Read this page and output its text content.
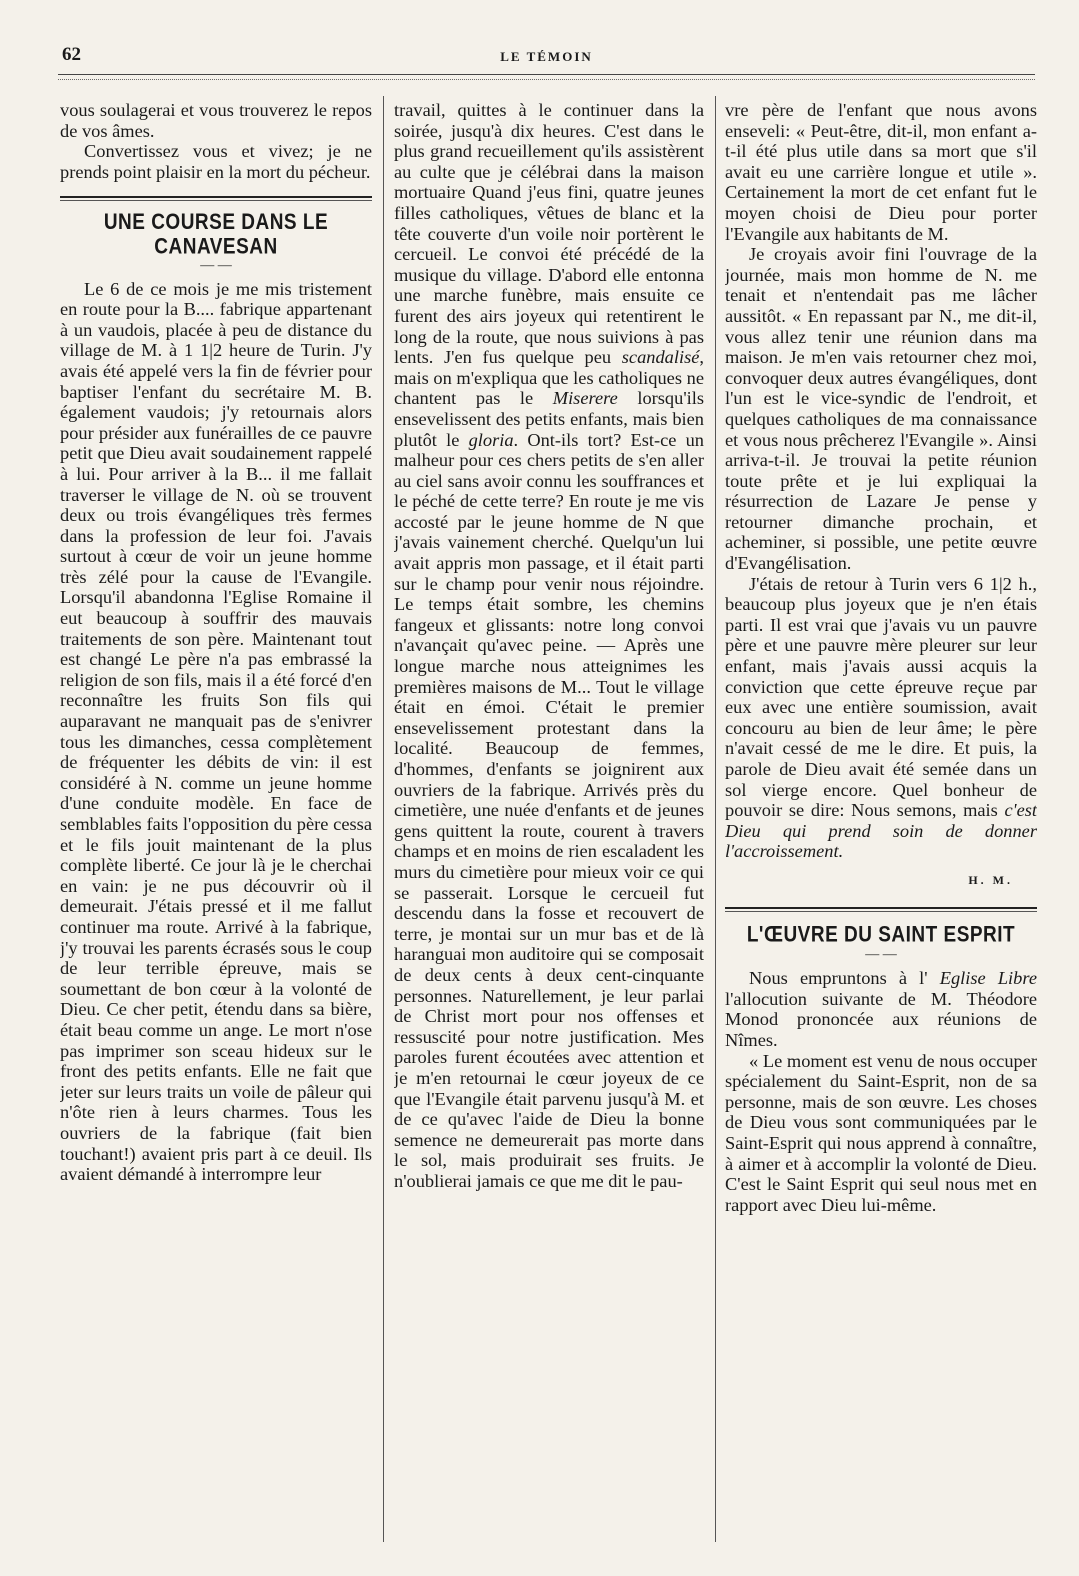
62	LE TÉMOIN

vous soulagerai et vous trouverez le repos de vos âmes.

Convertissez vous et vivez; je ne prends point plaisir en la mort du pécheur.

UNE COURSE DANS LE CANAVESAN
— —

Le 6 de ce mois je me mis tristement en route pour la B.... fabrique appartenant à un vaudois, placée à peu de distance du village de M. à 1 1|2 heure de Turin. J'y avais été appelé vers la fin de février pour baptiser l'enfant du secrétaire M. B. également vaudois; j'y retournais alors pour présider aux funérailles de ce pauvre petit que Dieu avait soudainement rappelé à lui. Pour arriver à la B... il me fallait traverser le village de N. où se trouvent deux ou trois évangéliques très fermes dans la profession de leur foi. J'avais surtout à cœur de voir un jeune homme très zélé pour la cause de l'Evangile. Lorsqu'il abandonna l'Eglise Romaine il eut beaucoup à souffrir des mauvais traitements de son père. Maintenant tout est changé Le père n'a pas embrassé la religion de son fils, mais il a été forcé d'en reconnaître les fruits Son fils qui auparavant ne manquait pas de s'enivrer tous les dimanches, cessa complètement de fréquenter les débits de vin: il est considéré à N. comme un jeune homme d'une conduite modèle. En face de semblables faits l'opposition du père cessa et le fils jouit maintenant de la plus complète liberté. Ce jour là je le cherchai en vain: je ne pus découvrir où il demeurait. J'étais pressé et il me fallut continuer ma route. Arrivé à la fabrique, j'y trouvai les parents écrasés sous le coup de leur terrible épreuve, mais se soumettant de bon cœur à la volonté de Dieu. Ce cher petit, étendu dans sa bière, était beau comme un ange. Le mort n'ose pas imprimer son sceau hideux sur le front des petits enfants. Elle ne fait que jeter sur leurs traits un voile de pâleur qui n'ôte rien à leurs charmes. Tous les ouvriers de la fabrique (fait bien touchant!) avaient pris part à ce deuil. Ils avaient démandé à interrompre leur

travail, quittes à le continuer dans la soirée, jusqu'à dix heures. C'est dans le plus grand recueillement qu'ils assistèrent au culte que je célébrai dans la maison mortuaire Quand j'eus fini, quatre jeunes filles catholiques, vêtues de blanc et la tête couverte d'un voile noir portèrent le cercueil. Le convoi été précédé de la musique du village. D'abord elle entonna une marche funèbre, mais ensuite ce furent des airs joyeux qui retentirent le long de la route, que nous suivions à pas lents. J'en fus quelque peu scandalisé, mais on m'expliqua que les catholiques ne chantent pas le Miserere lorsqu'ils ensevelissent des petits enfants, mais bien plutôt le gloria. Ont-ils tort? Est-ce un malheur pour ces chers petits de s'en aller au ciel sans avoir connu les souffrances et le péché de cette terre? En route je me vis accosté par le jeune homme de N que j'avais vainement cherché. Quelqu'un lui avait appris mon passage, et il était parti sur le champ pour venir nous réjoindre. Le temps était sombre, les chemins fangeux et glissants: notre long convoi n'avançait qu'avec peine. — Après une longue marche nous atteignimes les premières maisons de M... Tout le village était en émoi. C'était le premier ensevelissement protestant dans la localité. Beaucoup de femmes, d'hommes, d'enfants se joignirent aux ouvriers de la fabrique. Arrivés près du cimetière, une nuée d'enfants et de jeunes gens quittent la route, courent à travers champs et en moins de rien escaladent les murs du cimetière pour mieux voir ce qui se passerait. Lorsque le cercueil fut descendu dans la fosse et recouvert de terre, je montai sur un mur bas et de là haranguai mon auditoire qui se composait de deux cents à deux cent-cinquante personnes. Naturellement, je leur parlai de Christ mort pour nos offenses et ressuscité pour notre justification. Mes paroles furent écoutées avec attention et je m'en retournai le cœur joyeux de ce que l'Evangile était parvenu jusqu'à M. et de ce qu'avec l'aide de Dieu la bonne semence ne demeurerait pas morte dans le sol, mais produirait ses fruits. Je n'oublierai jamais ce que me dit le pau-

vre père de l'enfant que nous avons enseveli: « Peut-être, dit-il, mon enfant a-t-il été plus utile dans sa mort que s'il avait eu une carrière longue et utile ». Certainement la mort de cet enfant fut le moyen choisi de Dieu pour porter l'Evangile aux habitants de M.

Je croyais avoir fini l'ouvrage de la journée, mais mon homme de N. me tenait et n'entendait pas me lâcher aussitôt. « En repassant par N., me dit-il, vous allez tenir une réunion dans ma maison. Je m'en vais retourner chez moi, convoquer deux autres évangéliques, dont l'un est le vice-syndic de l'endroit, et quelques catholiques de ma connaissance et vous nous prêcherez l'Evangile ». Ainsi arriva-t-il. Je trouvai la petite réunion toute prête et je lui expliquai la résurrection de Lazare Je pense y retourner dimanche prochain, et acheminer, si possible, une petite œuvre d'Evangélisation.

J'étais de retour à Turin vers 6 1|2 h., beaucoup plus joyeux que je n'en étais parti. Il est vrai que j'avais vu un pauvre père et une pauvre mère pleurer sur leur enfant, mais j'avais aussi acquis la conviction que cette épreuve reçue par eux avec une entière soumission, avait concouru au bien de leur âme; le père n'avait cessé de me le dire. Et puis, la parole de Dieu avait été semée dans un sol vierge encore. Quel bonheur de pouvoir se dire: Nous semons, mais c'est Dieu qui prend soin de donner l'accroissement.

H. M.
L'ŒUVRE DU SAINT ESPRIT
— —

Nous empruntons à l' Eglise Libre l'allocution suivante de M. Théodore Monod prononcée aux réunions de Nîmes.

« Le moment est venu de nous occuper spécialement du Saint-Esprit, non de sa personne, mais de son œuvre. Les choses de Dieu vous sont communiquées par le Saint-Esprit qui nous apprend à connaître, à aimer et à accomplir la volonté de Dieu. C'est le Saint Esprit qui seul nous met en rapport avec Dieu lui-même.
